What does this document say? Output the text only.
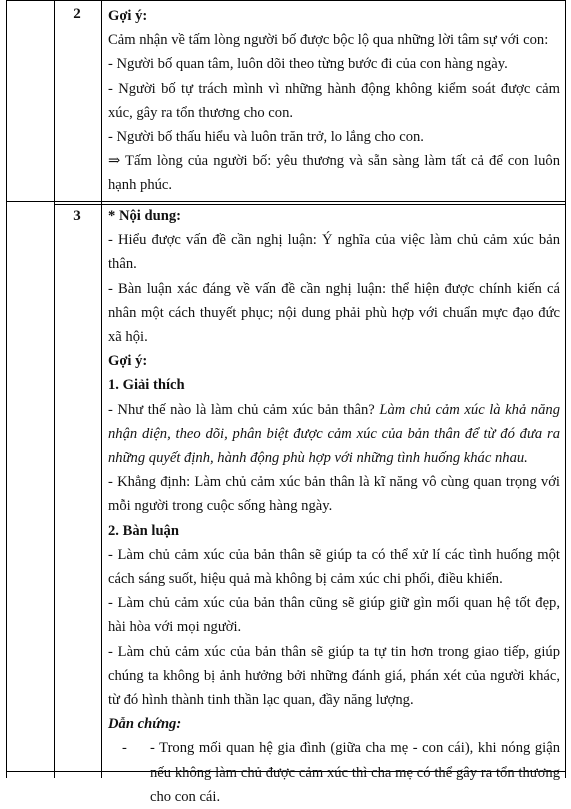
2	Gợi ý:

Cảm nhận về tấm lòng người bố được bộc lộ qua những lời tâm sự với con:

- Người bố quan tâm, luôn dõi theo từng bước đi của con hàng ngày.

- Người bố tự trách mình vì những hành động không kiểm soát được cảm xúc, gây ra tổn thương cho con.

- Người bố thấu hiểu và luôn trăn trở, lo lắng cho con.

⇒ Tấm lòng của người bố: yêu thương và sẵn sàng làm tất cả để con luôn hạnh phúc.

3	* Nội dung:

- Hiểu được vấn đề cần nghị luận: Ý nghĩa của việc làm chủ cảm xúc bản thân.

- Bàn luận xác đáng về vấn đề cần nghị luận: thể hiện được chính kiến cá nhân một cách thuyết phục; nội dung phải phù hợp với chuẩn mực đạo đức xã hội.

Gợi ý:

1. Giải thích

- Như thế nào là làm chủ cảm xúc bản thân? Làm chủ cảm xúc là khả năng nhận diện, theo dõi, phân biệt được cảm xúc của bản thân để từ đó đưa ra những quyết định, hành động phù hợp với những tình huống khác nhau.

- Khẳng định: Làm chủ cảm xúc bản thân là kĩ năng vô cùng quan trọng với mỗi người trong cuộc sống hàng ngày.

2. Bàn luận

- Làm chủ cảm xúc của bản thân sẽ giúp ta có thể xử lí các tình huống một cách sáng suốt, hiệu quả mà không bị cảm xúc chi phối, điều khiển.

- Làm chủ cảm xúc của bản thân cũng sẽ giúp giữ gìn mối quan hệ tốt đẹp, hài hòa với mọi người.

- Làm chủ cảm xúc của bản thân sẽ giúp ta tự tin hơn trong giao tiếp, giúp chúng ta không bị ảnh hưởng bởi những đánh giá, phán xét của người khác, từ đó hình thành tinh thần lạc quan, đầy năng lượng.

Dẫn chứng:

- - Trong mối quan hệ gia đình (giữa cha mẹ - con cái), khi nóng giận nếu không làm chủ được cảm xúc thì cha mẹ có thể gây ra tổn thương cho con cái.
